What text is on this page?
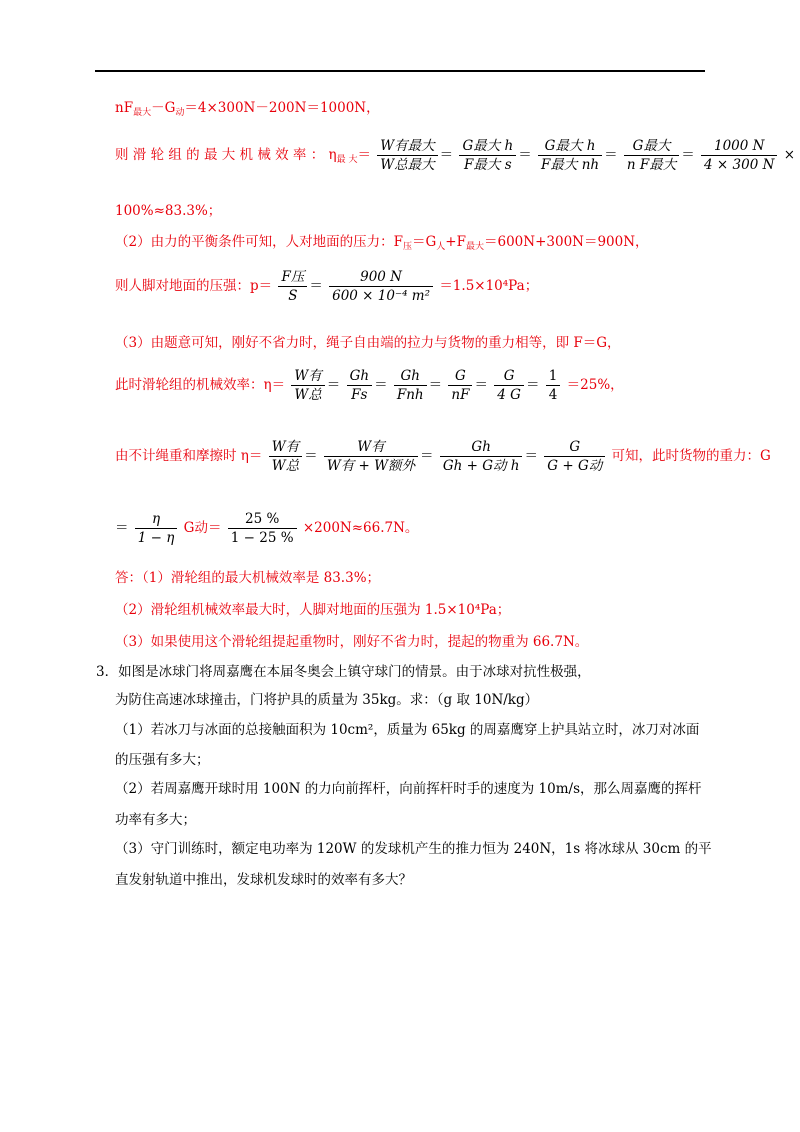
$nF_{最大}-G_动=4\times 300N-200N=1000N$，
则 滑 轮 组 的 最 大 机 械 效 率 ： $\eta_{最 大}= \frac{\text{W有最大}}{\text{W总最大}} = \frac{\text{G最大 h}}{\text{F最大 s}} = \frac{\text{G最大 h}}{\text{F最大 nh}} = \frac{\text{G最大}}{\text{n F最大}} = \frac{1000 N}{4 \times 300 N}$ ×
100%≈83.3%；
（2）由力的平衡条件可知，人对地面的压力：$F_压=G_人+F_{最大}=600N+300N=900N$，
则人脚对地面的压强：$p= \frac{\text{F压}}{S} = \frac{900 N}{\text{600 × 10⁻⁴ m²}} =1.5\times 10^4Pa$；
（3）由题意可知，刚好不省力时，绳子自由端的拉力与货物的重力相等，即 F＝G，
此时滑轮组的机械效率：$\eta= \frac{\text{W有}}{\text{W总}} = \frac{Gh}{Fs} = \frac{Gh}{\text{Fnh}} = \frac{G}{nF} = \frac{G}{4 G} = \frac{1}{4} =25\%$，
由不计绳重和摩擦时 $\eta= \frac{\text{W有}}{\text{W总}} = \frac{\text{W有}}{\text{W有 + W额外}} = \frac{Gh}{\text{Gh + G动 h}} = \frac{G}{\text{G + G动}}$ 可知，此时货物的重力：G
＝ $\frac{\eta}{1 - \eta}$ G动＝ $\frac{25 \%}{1 - 25 \%} \times 200N\approx 66.7N$。
答：（1）滑轮组的最大机械效率是 83.3%；
（2）滑轮组机械效率最大时，人脚对地面的压强为 1.5×10⁴Pa；
（3）如果使用这个滑轮组提起重物时，刚好不省力时，提起的物重为 66.7N。
3．如图是冰球门将周嘉鹰在本届冬奥会上镇守球门的情景。由于冰球对抗性极强，
为防住高速冰球撞击，门将护具的质量为 35kg。求：（g 取 10N/kg）
（1）若冰刀与冰面的总接触面积为 10cm²，质量为 65kg 的周嘉鹰穿上护具站立时，冰刀对冰面
的压强有多大；
（2）若周嘉鹰开球时用 100N 的力向前挥杆，向前挥杆时手的速度为 10m/s，那么周嘉鹰的挥杆
功率有多大；
（3）守门训练时，额定电功率为 120W 的发球机产生的推力恒为 240N，1s 将冰球从 30cm 的平
直发射轨道中推出，发球机发球时的效率有多大？
